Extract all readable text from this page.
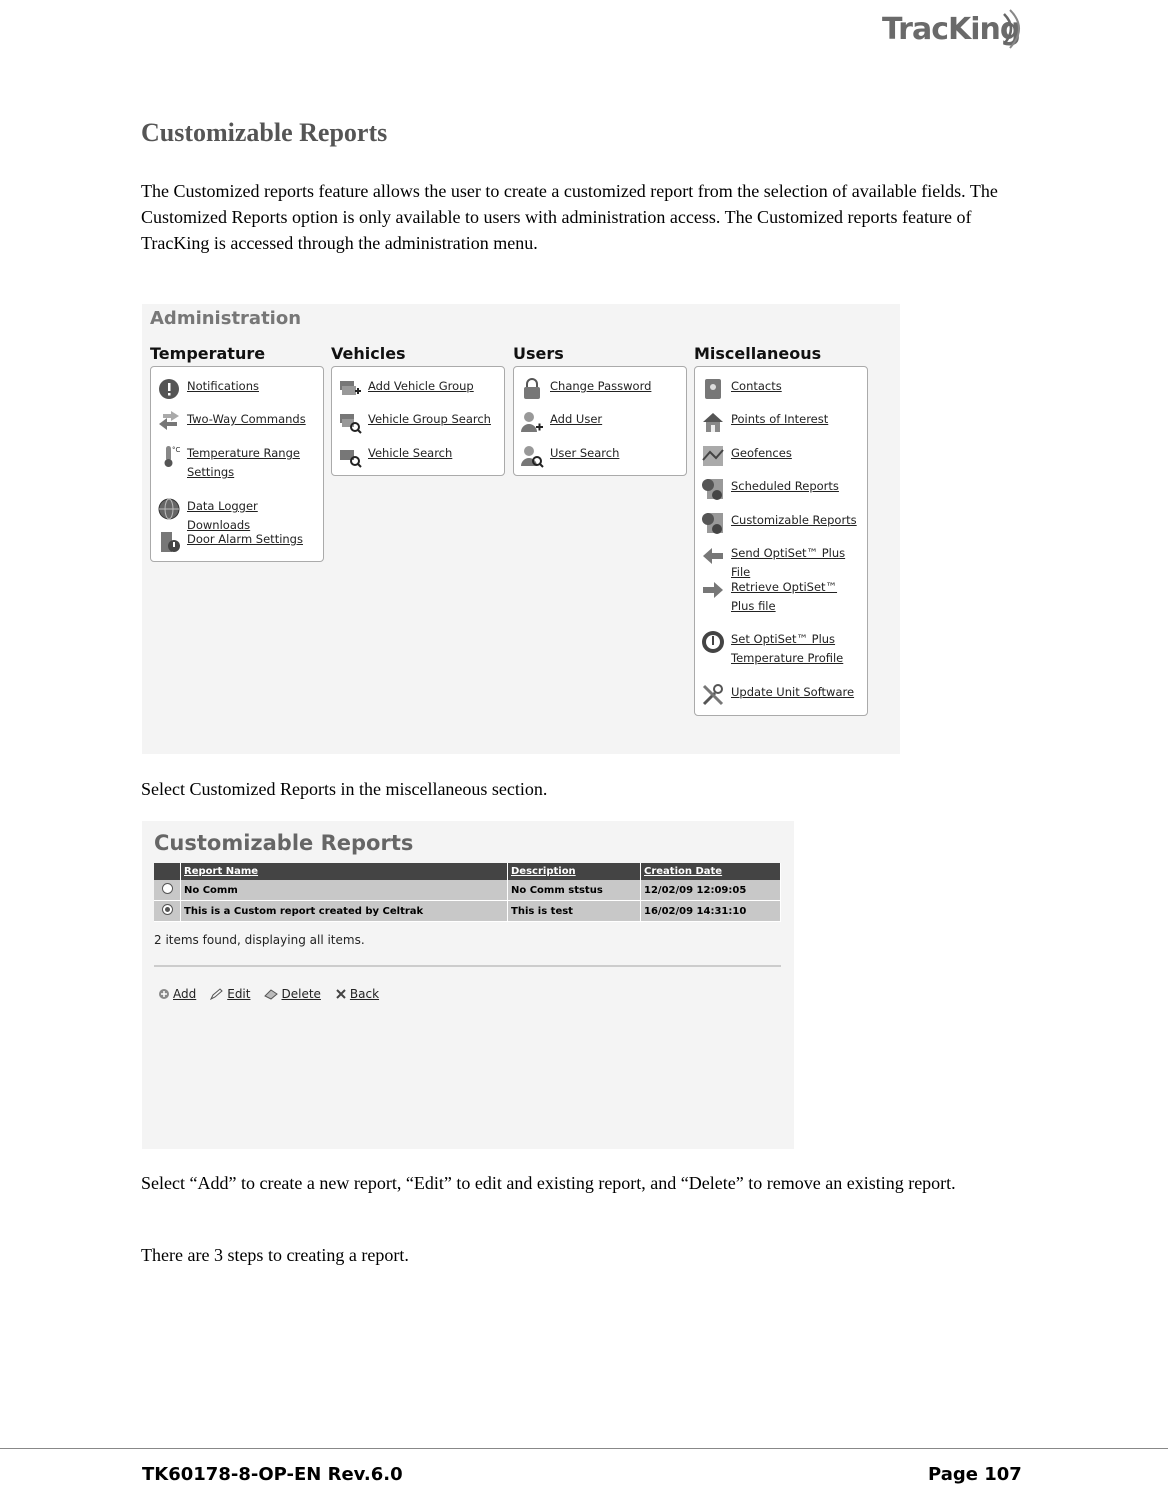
TracKing
Customizable Reports

The Customized reports feature allows the user to create a customized report from the selection of available fields. The Customized Reports option is only available to users with administration access. The Customized reports feature of TracKing is accessed through the administration menu.

Administration
Temperature	Vehicles	Users	Miscellaneous
Notifications
Two-Way Commands
°C Temperature Range Settings
Data Logger Downloads
Door Alarm Settings
Add Vehicle Group
Vehicle Group Search
Vehicle Search
Change Password
Add User
User Search
Contacts
Points of Interest
Geofences
Scheduled Reports
Customizable Reports
Send OptiSet™ Plus File
Retrieve OptiSet™ Plus file
Set OptiSet™ Plus Temperature Profile
Update Unit Software

Select Customized Reports in the miscellaneous section.

Customizable Reports
	Report Name	Description	Creation Date
	No Comm	No Comm ststus	12/02/09 12:09:05
	This is a Custom report created by Celtrak	This is test	16/02/09 14:31:10
2 items found, displaying all items.
Add	Edit	Delete Back

Select “Add” to create a new report, “Edit” to edit and existing report, and “Delete” to remove an existing report.

There are 3 steps to creating a report.

TK60178-8-OP-EN Rev.6.0	Page 107
